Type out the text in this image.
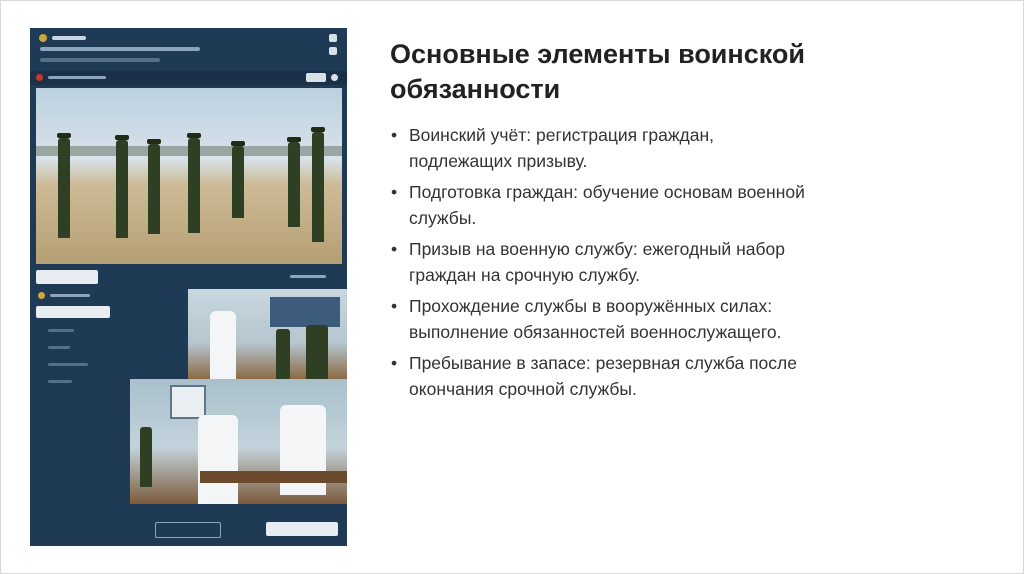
Основные элементы воинской обязанности
• Воинский учёт: регистрация граждан, подлежащих призыву.
• Подготовка граждан: обучение основам военной службы.
• Призыв на военную службу: ежегодный набор граждан на срочную службу.
• Прохождение службы в вооружённых силах: выполнение обязанностей военнослужащего.
• Пребывание в запасе: резервная служба после окончания срочной службы.
